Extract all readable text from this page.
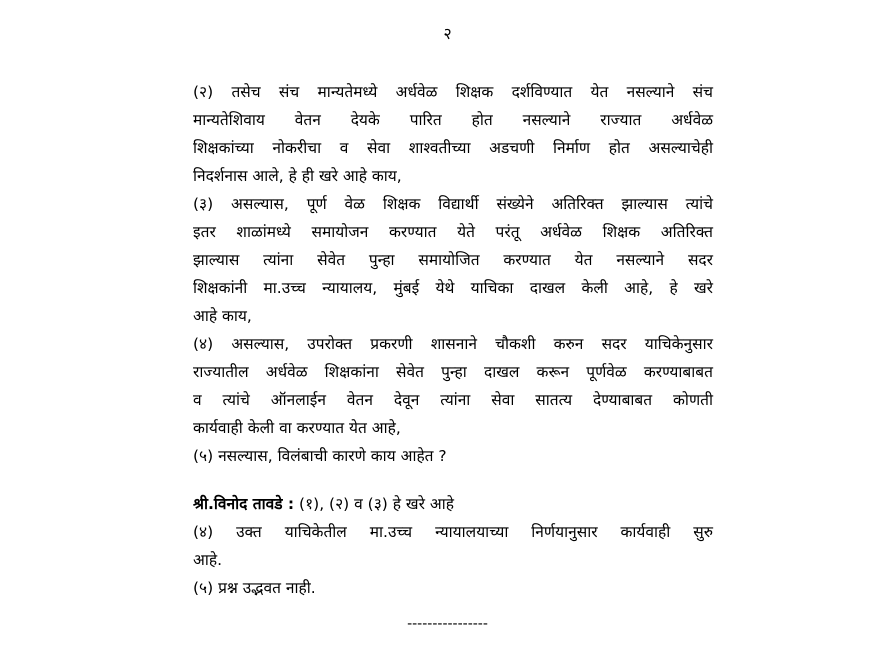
२

(२) तसेच संच मान्यतेमध्ये अर्धवेळ शिक्षक दर्शविण्यात येत नसल्याने संच
मान्यतेशिवाय वेतन देयके पारित होत नसल्याने राज्यात अर्धवेळ
शिक्षकांच्या नोकरीचा व सेवा शाश्वतीच्या अडचणी निर्माण होत असल्याचेही
निदर्शनास आले, हे ही खरे आहे काय,

(३) असल्यास, पूर्ण वेळ शिक्षक विद्यार्थी संख्येने अतिरिक्त झाल्यास त्यांचे
इतर शाळांमध्ये समायोजन करण्यात येते परंतू अर्धवेळ शिक्षक अतिरिक्त
झाल्यास त्यांना सेवेत पुन्हा समायोजित करण्यात येत नसल्याने सदर
शिक्षकांनी मा.उच्च न्यायालय, मुंबई येथे याचिका दाखल केली आहे, हे खरे
आहे काय,

(४) असल्यास, उपरोक्त प्रकरणी शासनाने चौकशी करुन सदर याचिकेनुसार
राज्यातील अर्धवेळ शिक्षकांना सेवेत पुन्हा दाखल करून पूर्णवेळ करण्याबाबत
व त्यांचे ऑनलाईन वेतन देवून त्यांना सेवा सातत्य देण्याबाबत कोणती
कार्यवाही केली वा करण्यात येत आहे,

(५) नसल्यास, विलंबाची कारणे काय आहेत ?

श्री.विनोद तावडे : (१), (२) व (३) हे खरे आहे

(४) उक्त याचिकेतील मा.उच्च न्यायालयाच्या निर्णयानुसार कार्यवाही सुरु
आहे.

(५) प्रश्न उद्भवत नाही.

----------------
